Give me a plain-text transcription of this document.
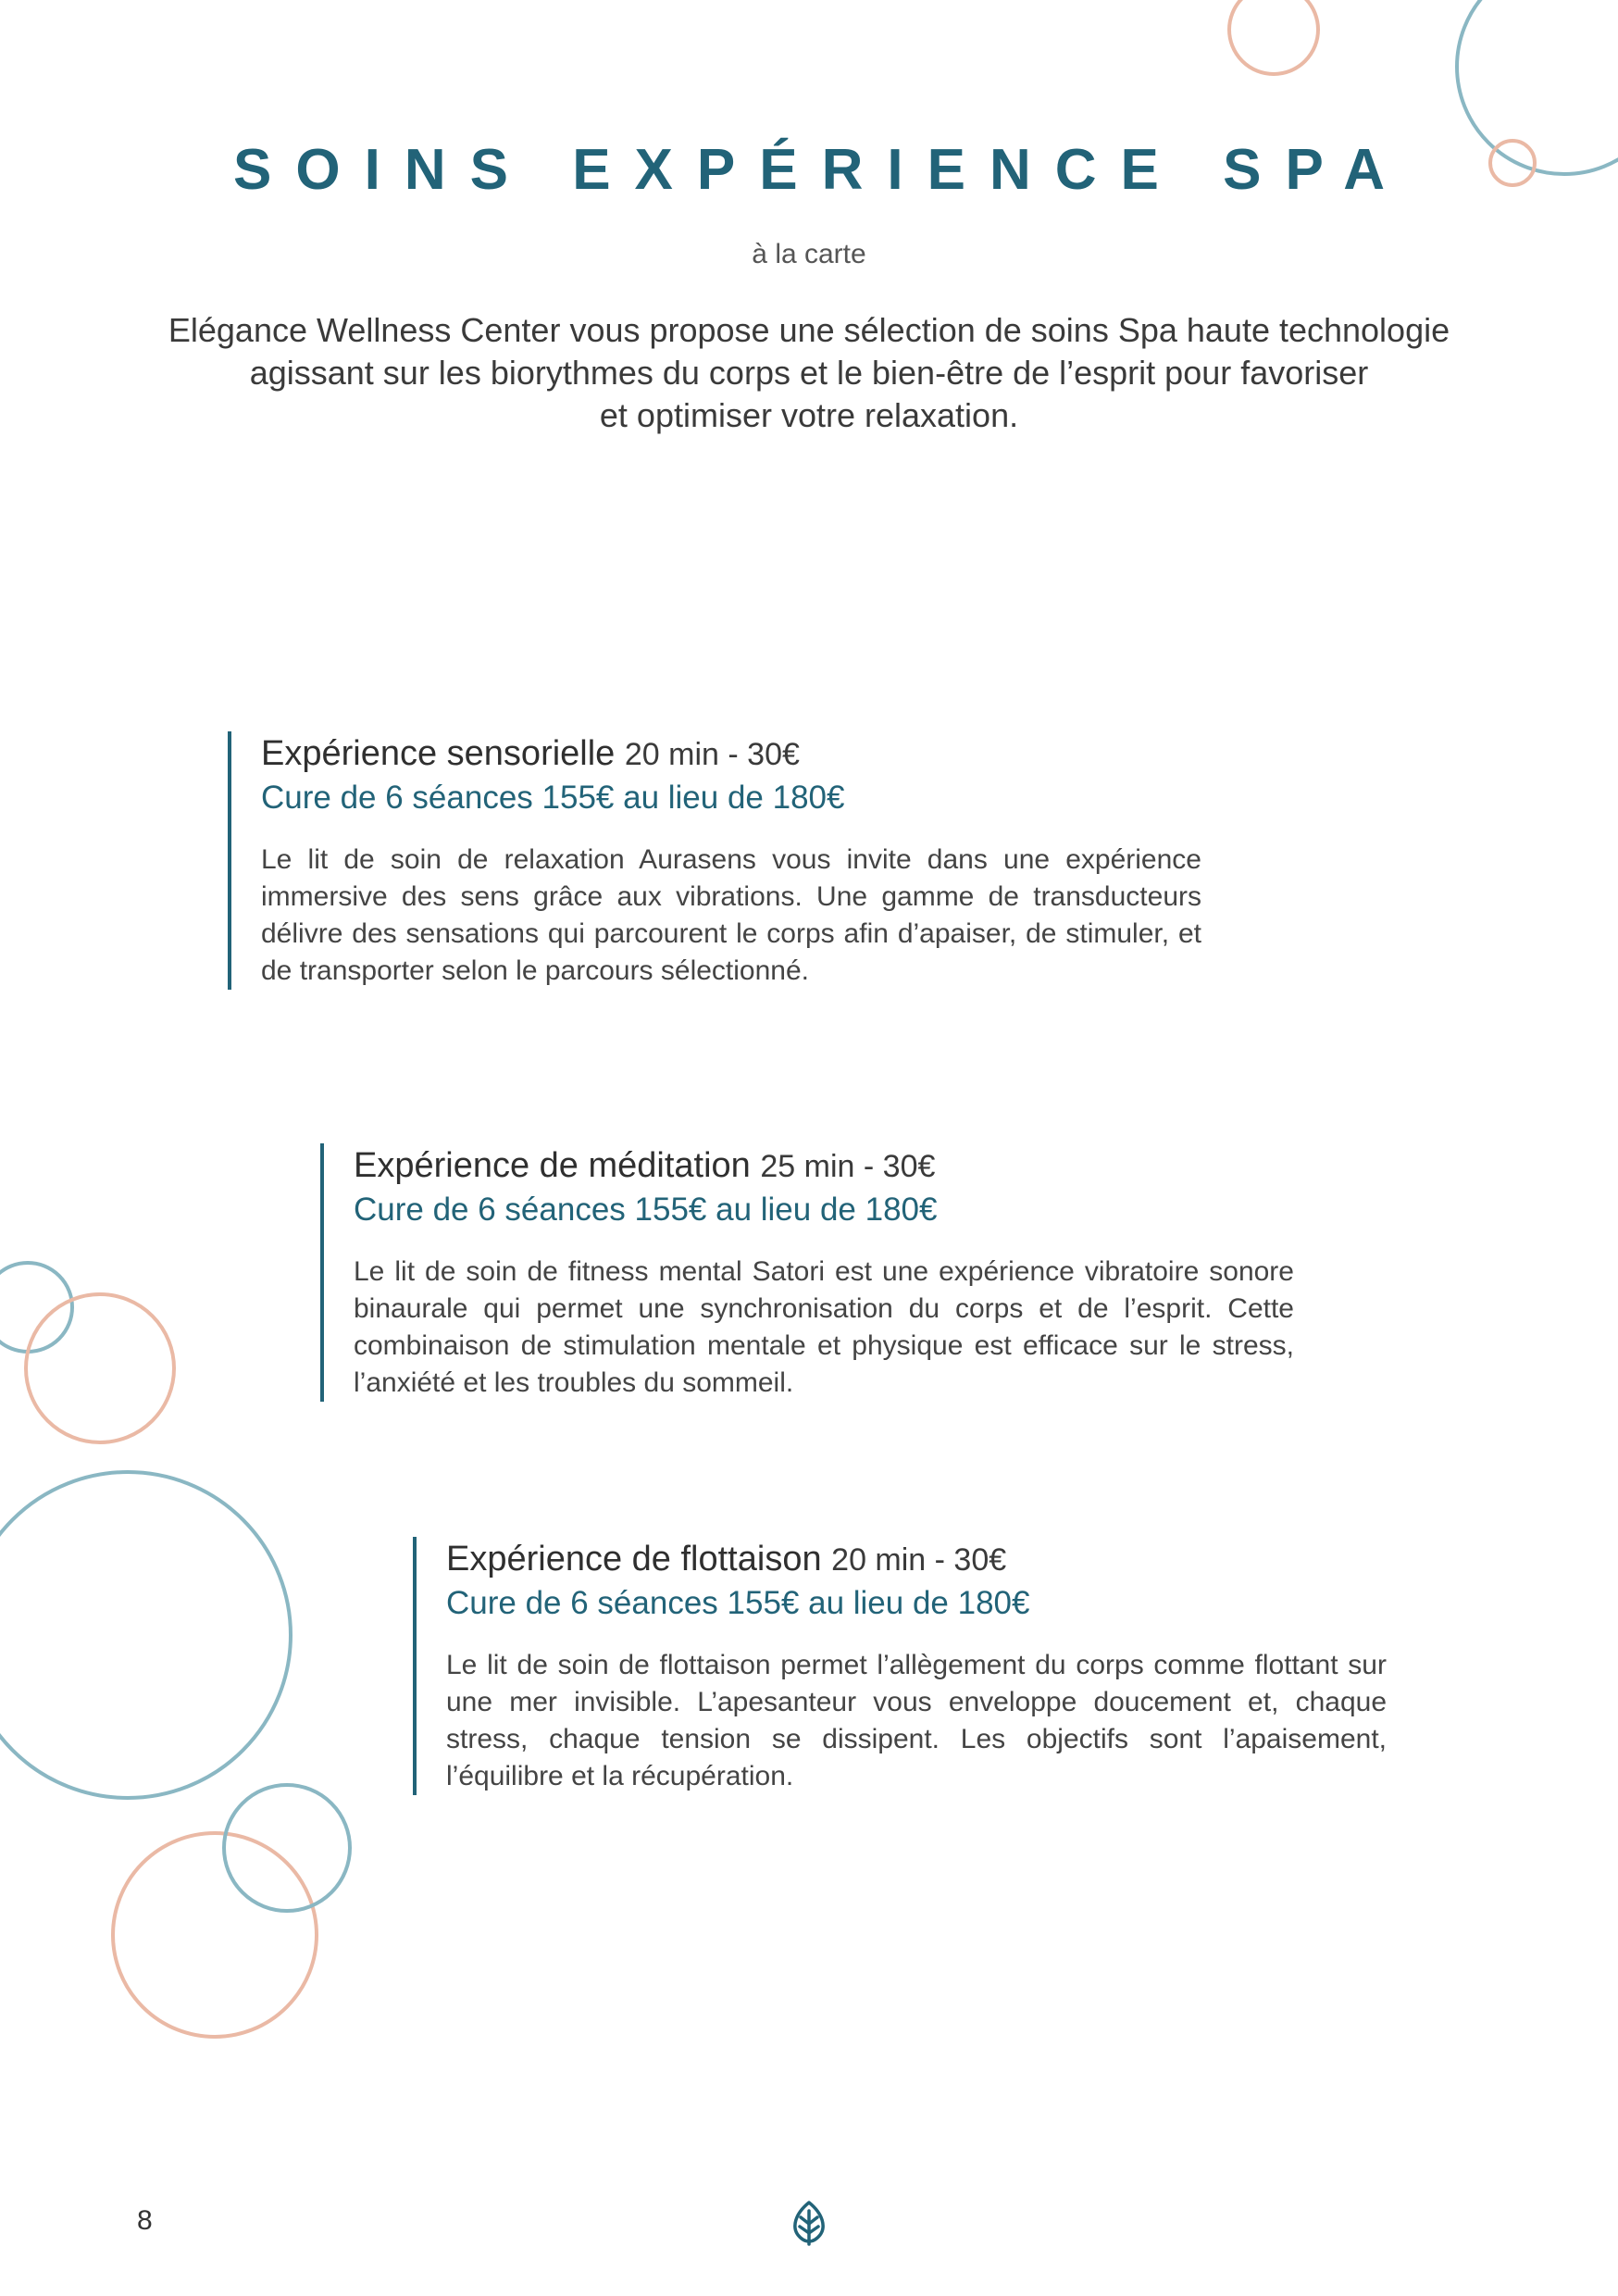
SOINS EXPÉRIENCE SPA
à la carte
Elégance Wellness Center vous propose une sélection de soins Spa haute technologie
agissant sur les biorythmes du corps et le bien-être de l’esprit pour favoriser
et optimiser votre relaxation.
Expérience sensorielle 20 min - 30€
Cure de 6 séances 155€ au lieu de 180€
Le lit de soin de relaxation Aurasens vous invite dans une expérience immersive des sens grâce aux vibrations. Une gamme de transducteurs délivre des sensations qui parcourent le corps afin d’apaiser, de stimuler, et de transporter selon le parcours sélectionné.
Expérience de méditation 25 min - 30€
Cure de 6 séances 155€ au lieu de 180€
Le lit de soin de fitness mental Satori est une expérience vibratoire sonore binaurale qui permet une synchronisation du corps et de l’esprit. Cette combinaison de stimulation mentale et physique est efficace sur le stress, l’anxiété et les troubles du sommeil.
Expérience de flottaison 20 min - 30€
Cure de 6 séances 155€ au lieu de 180€
Le lit de soin de flottaison permet l’allègement du corps comme flottant sur une mer invisible. L’apesanteur vous enveloppe doucement et, chaque stress, chaque tension se dissipent. Les objectifs sont l’apaisement, l’équilibre et la récupération.
8
